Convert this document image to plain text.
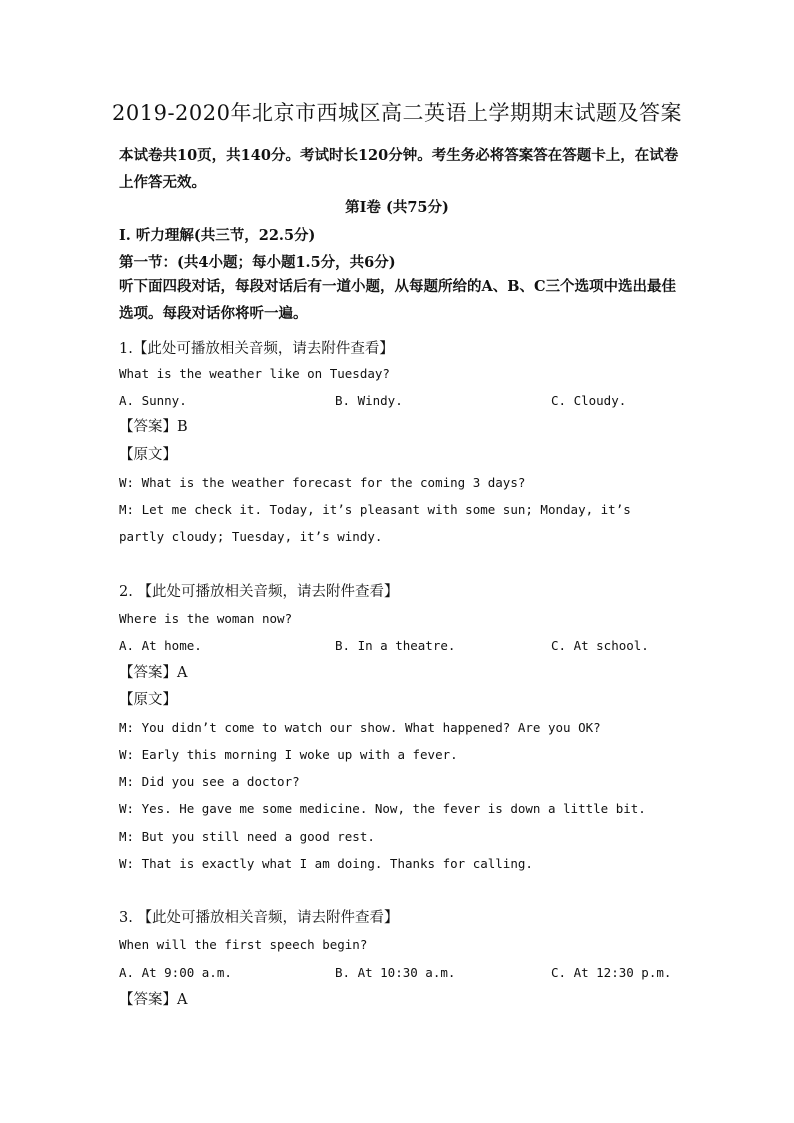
2019-2020年北京市西城区高二英语上学期期末试题及答案
本试卷共10页，共140分。考试时长120分钟。考生务必将答案答在答题卡上，在试卷上作答无效。
第Ⅰ卷 (共75分)
I. 听力理解(共三节，22.5分)
第一节：(共4小题；每小题1.5分，共6分)
听下面四段对话，每段对话后有一道小题，从每题所给的A、B、C三个选项中选出最佳选项。每段对话你将听一遍。
1.【此处可播放相关音频，请去附件查看】
What is the weather like on Tuesday?
A. Sunny.	B. Windy.	C. Cloudy.
【答案】B
【原文】
W: What is the weather forecast for the coming 3 days?
M: Let me check it. Today, it’s pleasant with some sun; Monday, it’s partly cloudy; Tuesday, it’s windy.
2. 【此处可播放相关音频，请去附件查看】
Where is the woman now?
A. At home.	B. In a theatre.	C. At school.
【答案】A
【原文】
M: You didn’t come to watch our show. What happened? Are you OK?
W: Early this morning I woke up with a fever.
M: Did you see a doctor?
W: Yes. He gave me some medicine. Now, the fever is down a little bit.
M: But you still need a good rest.
W: That is exactly what I am doing. Thanks for calling.
3. 【此处可播放相关音频，请去附件查看】
When will the first speech begin?
A. At 9:00 a.m.	B. At 10:30 a.m.	C. At 12:30 p.m.
【答案】A
